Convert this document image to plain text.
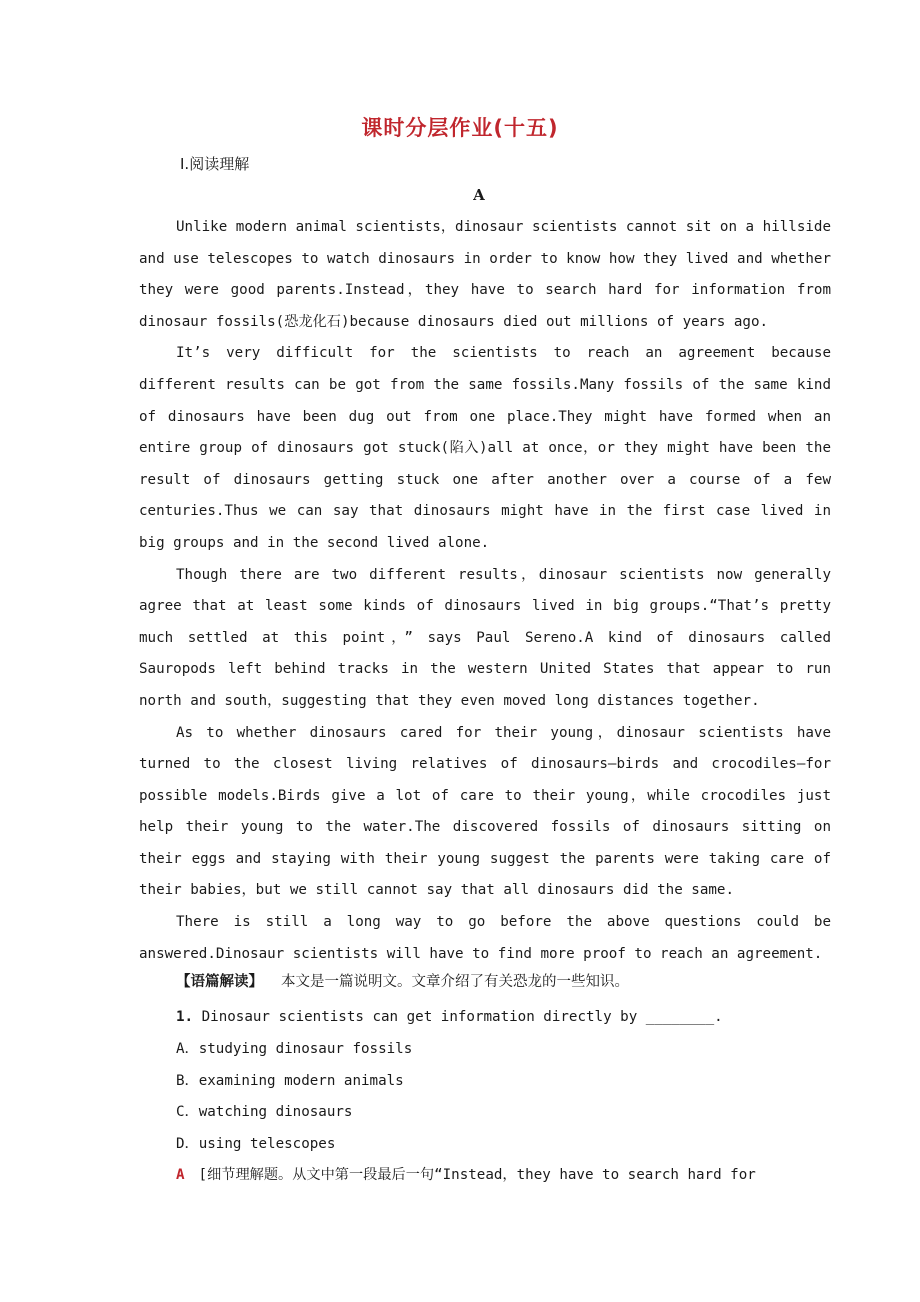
课时分层作业(十五)
Ⅰ.阅读理解
A

Unlike modern animal scientists，dinosaur scientists cannot sit on a hillside and use telescopes to watch dinosaurs in order to know how they lived and whether they were good parents.Instead，they have to search hard for information from dinosaur fossils(恐龙化石)because dinosaurs died out millions of years ago.

It’s very difficult for the scientists to reach an agreement because different results can be got from the same fossils.Many fossils of the same kind of dinosaurs have been dug out from one place.They might have formed when an entire group of dinosaurs got stuck(陷入)all at once，or they might have been the result of dinosaurs getting stuck one after another over a course of a few centuries.Thus we can say that dinosaurs might have in the first case lived in big groups and in the second lived alone.

Though there are two different results，dinosaur scientists now generally agree that at least some kinds of dinosaurs lived in big groups.“That’s pretty much settled at this point，” says Paul Sereno.A kind of dinosaurs called Sauropods left behind tracks in the western United States that appear to run north and south，suggesting that they even moved long distances together.

As to whether dinosaurs cared for their young，dinosaur scientists have turned to the closest living relatives of dinosaurs—birds and crocodiles—for possible models.Birds give a lot of care to their young，while crocodiles just help their young to the water.The discovered fossils of dinosaurs sitting on their eggs and staying with their young suggest the parents were taking care of their babies，but we still cannot say that all dinosaurs did the same.

There is still a long way to go before the above questions could be answered.Dinosaur scientists will have to find more proof to reach an agreement.

【语篇解读】 本文是一篇说明文。文章介绍了有关恐龙的一些知识。
1. Dinosaur scientists can get information directly by ________.
A．studying dinosaur fossils
B．examining modern animals
C．watching dinosaurs
D．using telescopes
A [细节理解题。从文中第一段最后一句“Instead，they have to search hard for
